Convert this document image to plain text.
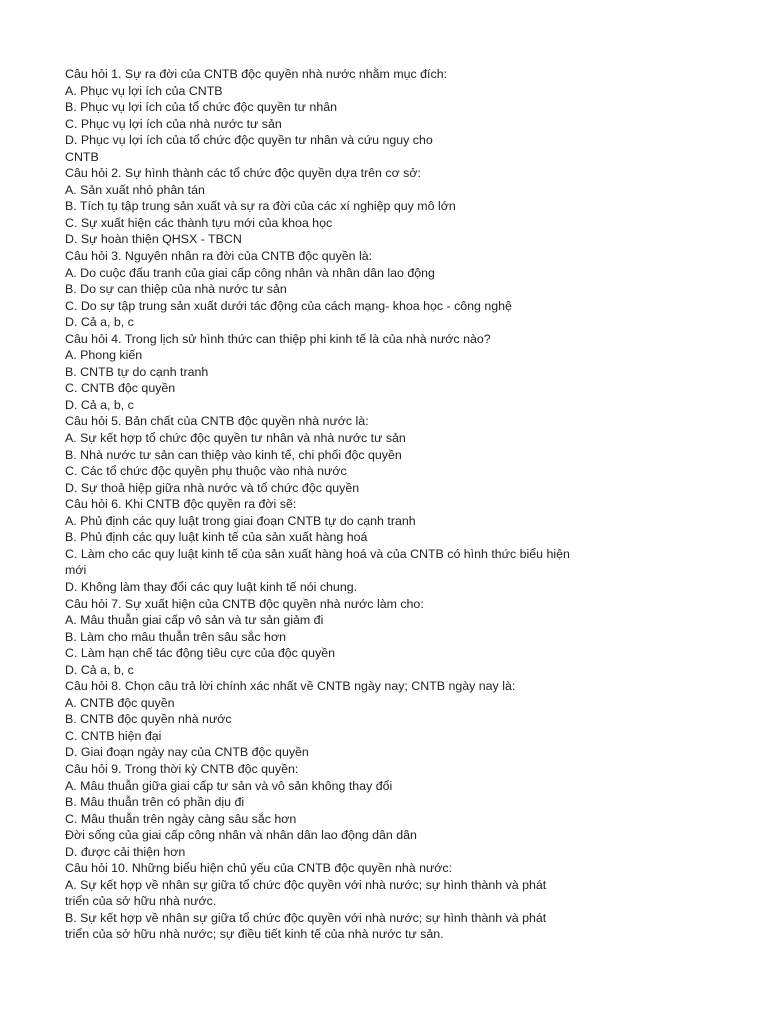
Câu hỏi 1. Sự ra đời của CNTB độc quyền nhà nước nhằm mục đích:
A. Phục vụ lợi ích của CNTB
B. Phục vụ lợi ích của tổ chức độc quyền tư nhân
C. Phục vụ lợi ích của nhà nước tư sản
D. Phục vụ lợi ích của tổ chức độc quyền tư nhân và cứu nguy cho
CNTB
Câu hỏi 2. Sự hình thành các tổ chức độc quyền dựa trên cơ sở:
A. Sản xuất nhỏ phân tán
B. Tích tụ tập trung sản xuất và sự ra đời của các xí nghiệp quy mô lớn
C. Sự xuất hiện các thành tựu mới của khoa học
D. Sự hoàn thiện QHSX - TBCN
Câu hỏi 3. Nguyên nhân ra đời của CNTB độc quyền là:
A. Do cuộc đấu tranh của giai cấp công nhân và nhân dân lao động
B. Do sự can thiệp của nhà nước tư sản
C. Do sự tập trung sản xuất dưới tác động của cách mạng- khoa học - công nghệ
D. Cả a, b, c
Câu hỏi 4. Trong lịch sử hình thức can thiệp phi kinh tế là của nhà nước nào?
A. Phong kiến
B. CNTB tự do cạnh tranh
C. CNTB độc quyền
D. Cả a, b, c
Câu hỏi 5. Bản chất của CNTB độc quyền nhà nước là:
A. Sự kết hợp tổ chức độc quyền tư nhân và nhà nước tư sản
B. Nhà nước tư sản can thiệp vào kinh tế, chi phối độc quyền
C. Các tổ chức độc quyền phụ thuộc vào nhà nước
D. Sự thoả hiệp giữa nhà nước và tổ chức độc quyền
Câu hỏi 6. Khi CNTB độc quyền ra đời sẽ:
A. Phủ định các quy luật trong giai đoạn CNTB tự do cạnh tranh
B. Phủ định các quy luật kinh tế của sản xuất hàng hoá
C. Làm cho các quy luật kinh tế của sản xuất hàng hoá và của CNTB có hình thức biểu hiện
mới
D. Không làm thay đổi các quy luật kinh tế nói chung.
Câu hỏi 7. Sự xuất hiện của CNTB độc quyền nhà nước làm cho:
A. Mâu thuẫn giai cấp vô sản và tư sản giảm đi
B. Làm cho mâu thuẫn trên sâu sắc hơn
C. Làm hạn chế tác động tiêu cực của độc quyền
D. Cả a, b, c
Câu hỏi 8. Chọn câu trả lời chính xác nhất về CNTB ngày nay; CNTB ngày nay là:
A. CNTB độc quyền
B. CNTB độc quyền nhà nước
C. CNTB hiện đại
D. Giai đoạn ngày nay của CNTB độc quyền
Câu hỏi 9. Trong thời kỳ CNTB độc quyền:
A. Mâu thuẫn giữa giai cấp tư sản và vô sản không thay đổi
B. Mâu thuẫn trên có phần dịu đi
C. Mâu thuẫn trên ngày càng sâu sắc hơn
Đời sống của giai cấp công nhân và nhân dân lao động dân dân
D. được cải thiện hơn
Câu hỏi 10. Những biểu hiện chủ yếu của CNTB độc quyền nhà nước:
A. Sự kết hợp về nhân sự giữa tổ chức độc quyền với nhà nước; sự hình thành và phát
triển của sở hữu nhà nước.
B. Sự kết hợp về nhân sự giữa tổ chức độc quyền với nhà nước; sự hình thành và phát
triển của sở hữu nhà nước; sự điều tiết kinh tế của nhà nước tư sản.
